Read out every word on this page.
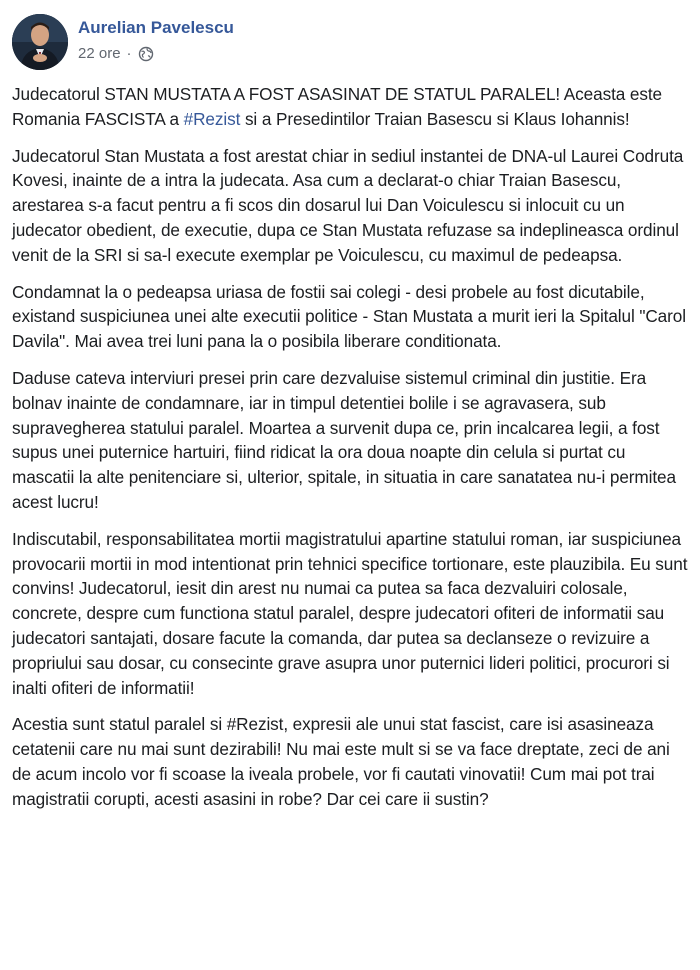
Aurelian Pavelescu
22 ore ·

Judecatorul STAN MUSTATA A FOST ASASINAT DE STATUL PARALEL! Aceasta este Romania FASCISTA a #Rezist si a Presedintilor Traian Basescu si Klaus Iohannis!

Judecatorul Stan Mustata a fost arestat chiar in sediul instantei de DNA-ul Laurei Codruta Kovesi, inainte de a intra la judecata. Asa cum a declarat-o chiar Traian Basescu, arestarea s-a facut pentru a fi scos din dosarul lui Dan Voiculescu si inlocuit cu un judecator obedient, de executie, dupa ce Stan Mustata refuzase sa indeplineasca ordinul venit de la SRI si sa-l execute exemplar pe Voiculescu, cu maximul de pedeapsa.

Condamnat la o pedeapsa uriasa de fostii sai colegi - desi probele au fost dicutabile, existand suspiciunea unei alte executii politice - Stan Mustata a murit ieri la Spitalul "Carol Davila". Mai avea trei luni pana la o posibila liberare conditionata.

Daduse cateva interviuri presei prin care dezvaluise sistemul criminal din justitie. Era bolnav inainte de condamnare, iar in timpul detentiei bolile i se agravasera, sub supravegherea statului paralel. Moartea a survenit dupa ce, prin incalcarea legii, a fost supus unei puternice hartuiri, fiind ridicat la ora doua noapte din celula si purtat cu mascatii la alte penitenciare si, ulterior, spitale, in situatia in care sanatatea nu-i permitea acest lucru!

Indiscutabil, responsabilitatea mortii magistratului apartine statului roman, iar suspiciunea provocarii mortii in mod intentionat prin tehnici specifice tortionare, este plauzibila. Eu sunt convins! Judecatorul, iesit din arest nu numai ca putea sa faca dezvaluiri colosale, concrete, despre cum functiona statul paralel, despre judecatori ofiteri de informatii sau judecatori santajati, dosare facute la comanda, dar putea sa declanseze o revizuire a propriului sau dosar, cu consecinte grave asupra unor puternici lideri politici, procurori si inalti ofiteri de informatii!

Acestia sunt statul paralel si #Rezist, expresii ale unui stat fascist, care isi asasineaza cetatenii care nu mai sunt dezirabili! Nu mai este mult si se va face dreptate, zeci de ani de acum incolo vor fi scoase la iveala probele, vor fi cautati vinovatii! Cum mai pot trai magistratii corupti, acesti asasini in robe? Dar cei care ii sustin?
